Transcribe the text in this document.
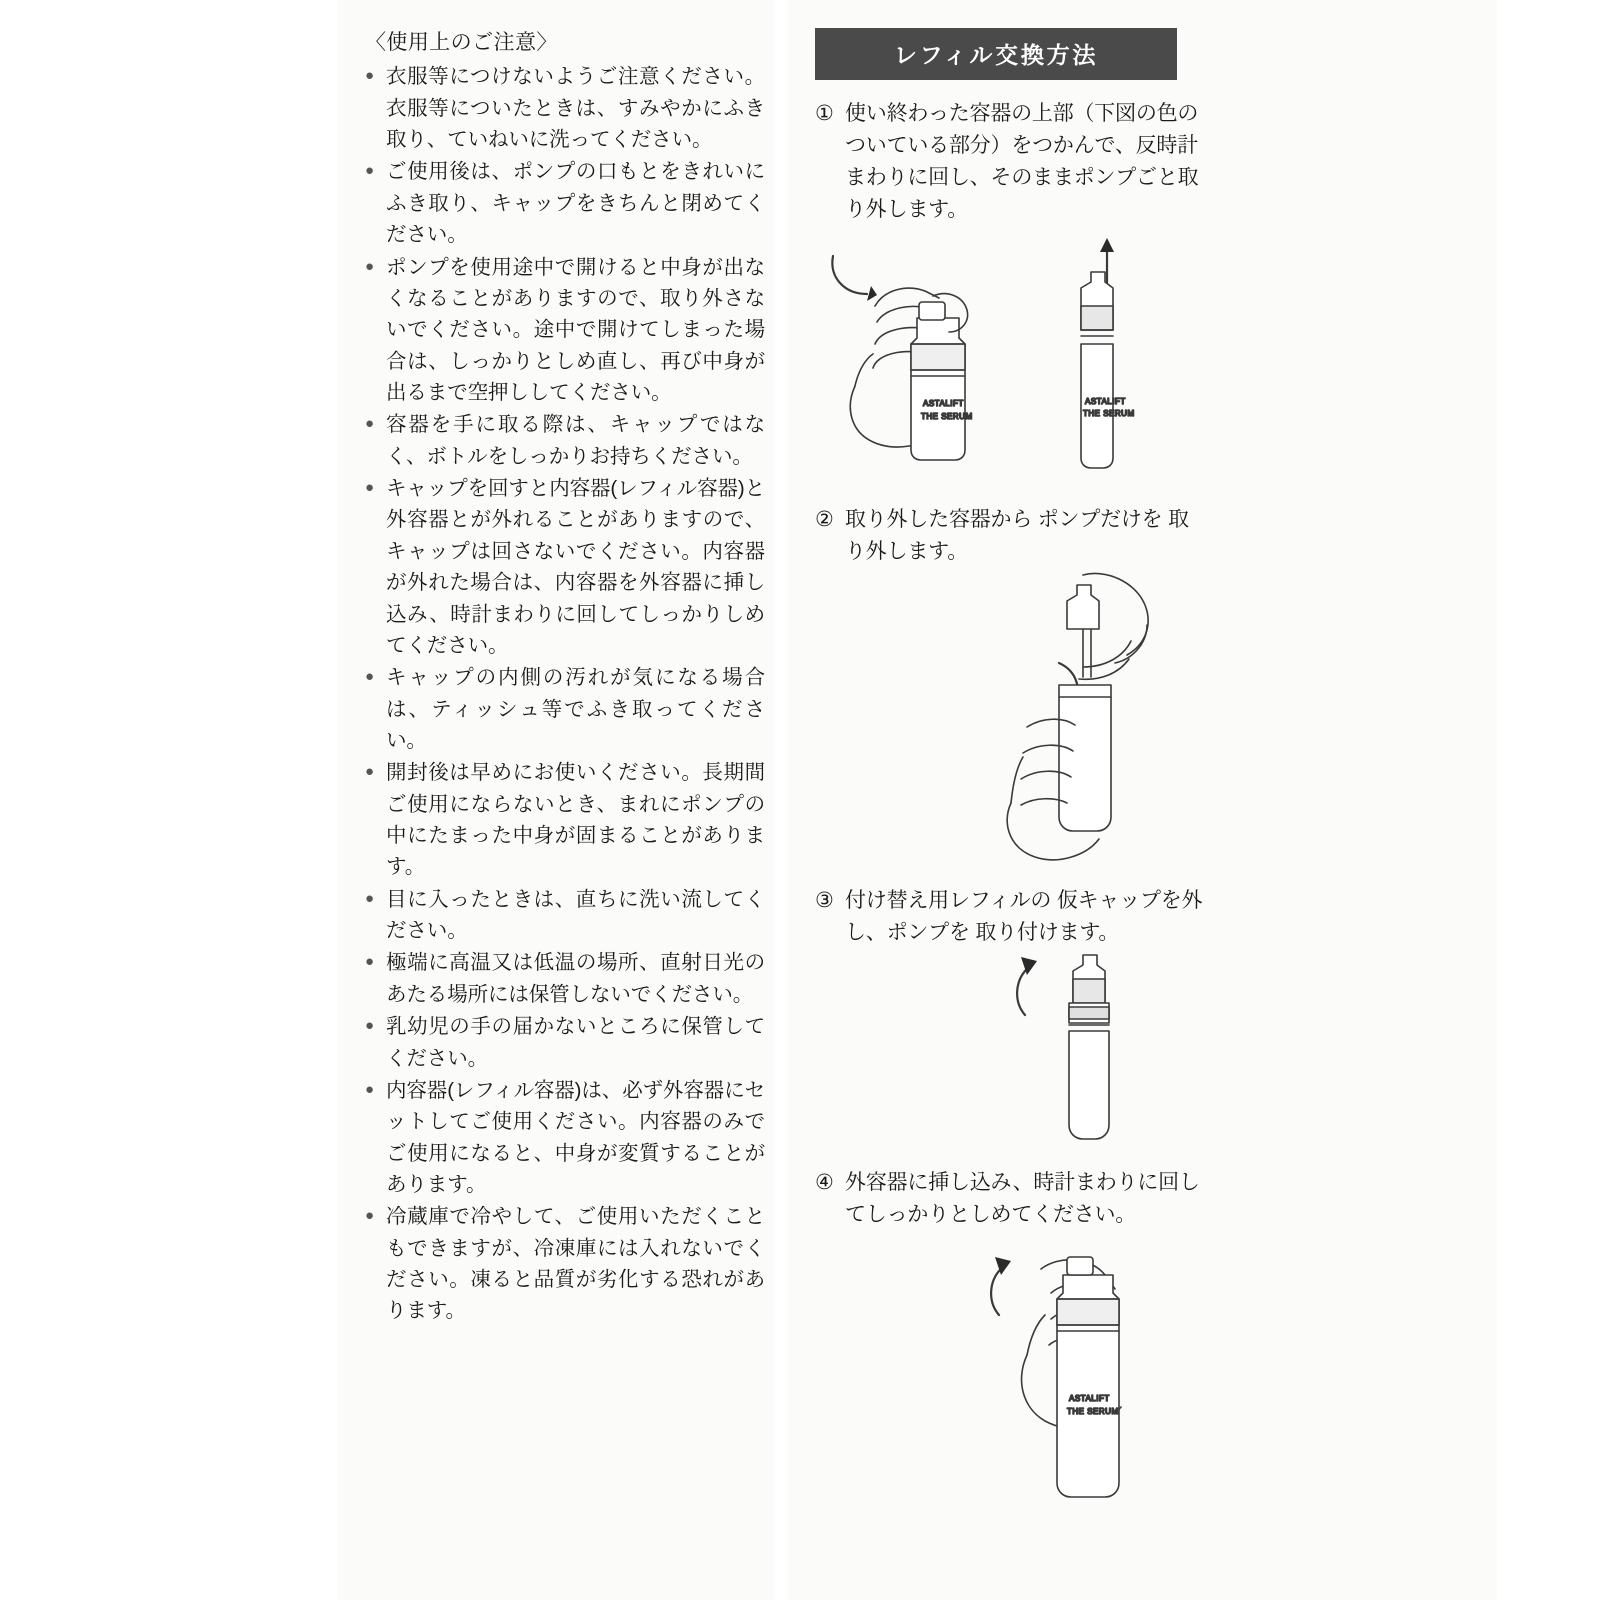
〈使用上のご注意〉
● 衣服等につけないようご注意ください。衣服等についたときは、すみやかにふき取り、ていねいに洗ってください。
● ご使用後は、ポンプの口もとをきれいにふき取り、キャップをきちんと閉めてください。
● ポンプを使用途中で開けると中身が出なくなることがありますので、取り外さないでください。途中で開けてしまった場合は、しっかりとしめ直し、再び中身が出るまで空押ししてください。
● 容器を手に取る際は、キャップではなく、ボトルをしっかりお持ちください。
● キャップを回すと内容器(レフィル容器)と外容器とが外れることがありますので、キャップは回さないでください。内容器が外れた場合は、内容器を外容器に挿し込み、時計まわりに回してしっかりしめてください。
● キャップの内側の汚れが気になる場合は、ティッシュ等でふき取ってください。
● 開封後は早めにお使いください。長期間ご使用にならないとき、まれにポンプの中にたまった中身が固まることがあります。
● 目に入ったときは、直ちに洗い流してください。
● 極端に高温又は低温の場所、直射日光のあたる場所には保管しないでください。
● 乳幼児の手の届かないところに保管してください。
● 内容器(レフィル容器)は、必ず外容器にセットしてご使用ください。内容器のみでご使用になると、中身が変質することがあります。
● 冷蔵庫で冷やして、ご使用いただくこともできますが、冷凍庫には入れないでください。凍ると品質が劣化する恐れがあります。
レフィル交換方法
① 使い終わった容器の上部（下図の色のついている部分）をつかんで、反時計まわりに回し、そのままポンプごと取り外します。
ASTALIFT
THE SERUM
ASTALIFT
THE SERUM
② 取り外した容器から ポンプだけを 取り外します。
③ 付け替え用レフィルの 仮キャップを外し、ポンプを 取り付けます。
④ 外容器に挿し込み、時計まわりに回してしっかりとしめてください。
ASTALIFT
THE SERUM
